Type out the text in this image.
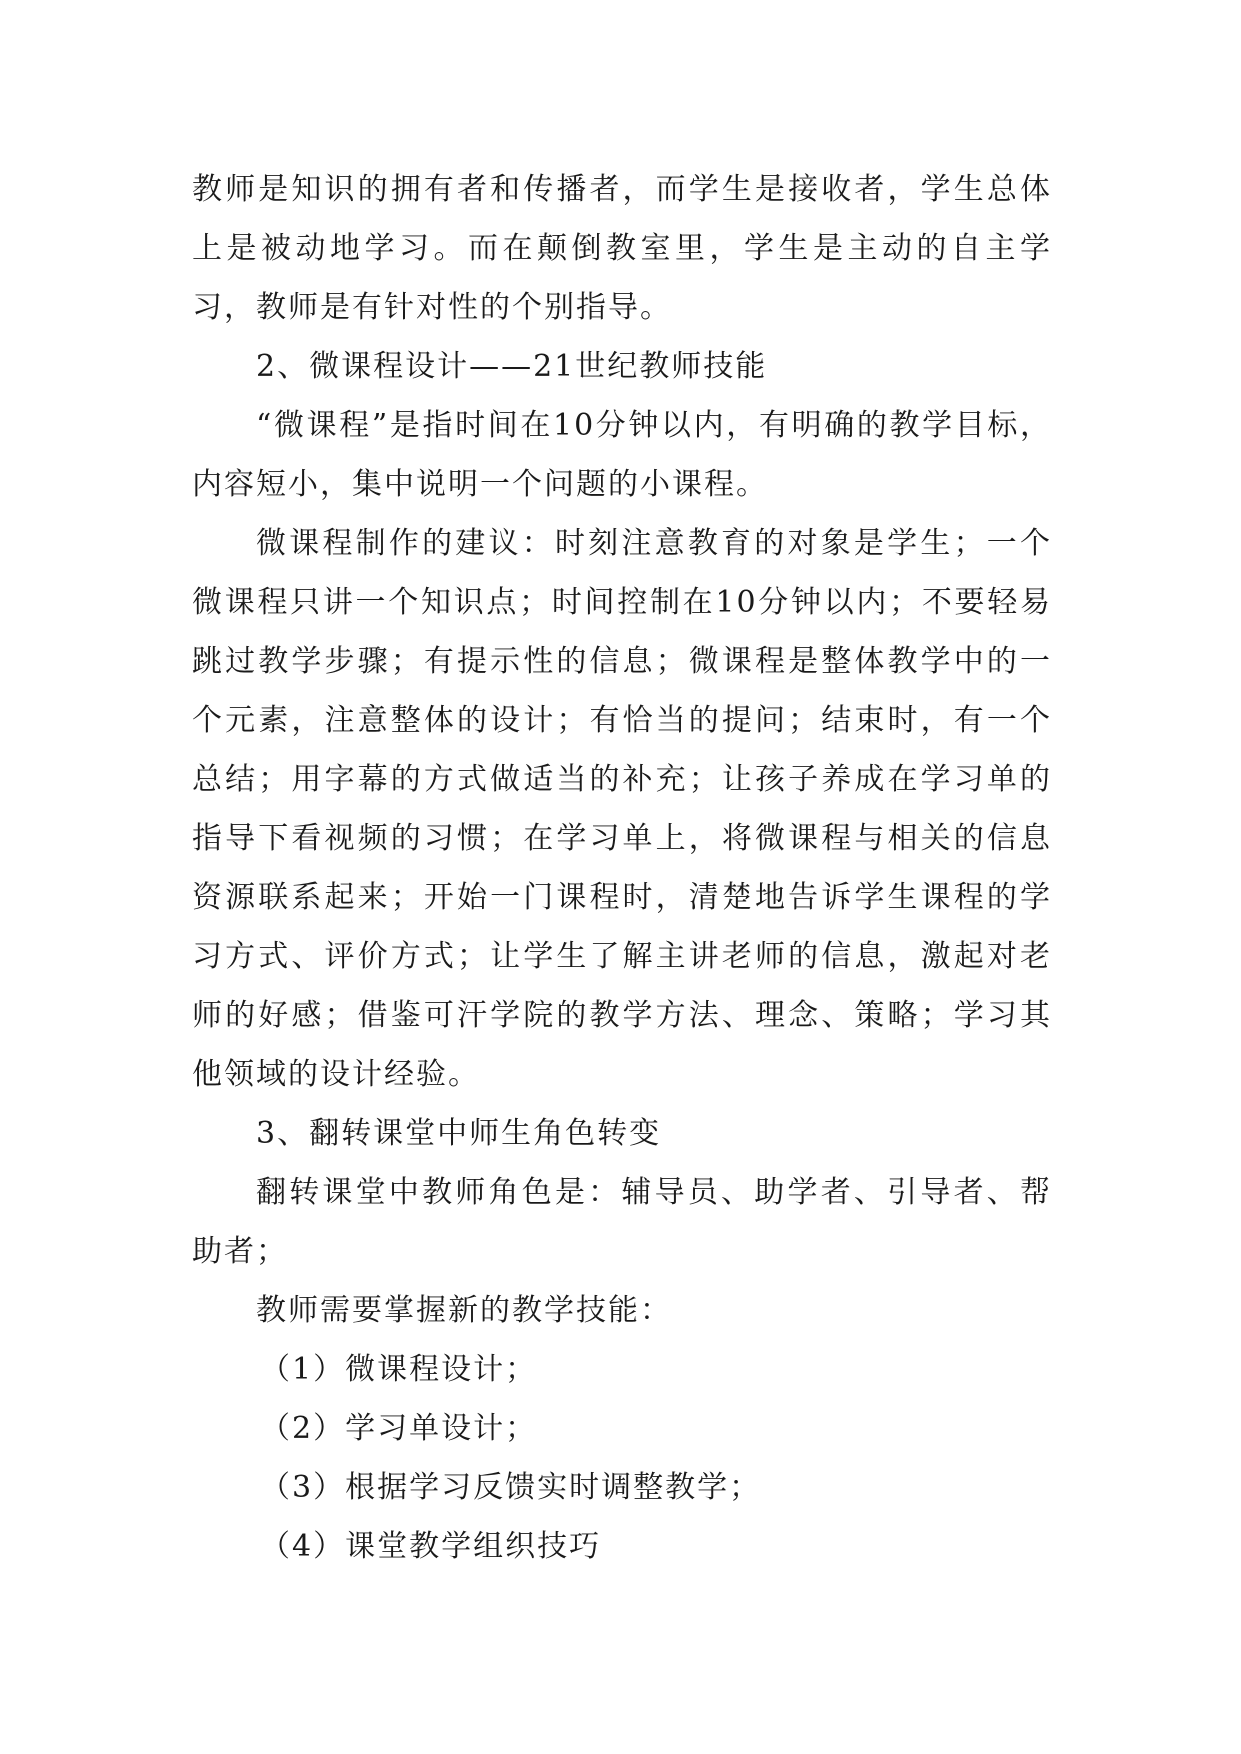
教师是知识的拥有者和传播者，而学生是接收者，学生总体上是被动地学习。而在颠倒教室里，学生是主动的自主学习，教师是有针对性的个别指导。

2、微课程设计——21世纪教师技能

“微课程”是指时间在10分钟以内，有明确的教学目标，内容短小，集中说明一个问题的小课程。

微课程制作的建议：时刻注意教育的对象是学生；一个微课程只讲一个知识点；时间控制在10分钟以内；不要轻易跳过教学步骤；有提示性的信息；微课程是整体教学中的一个元素，注意整体的设计；有恰当的提问；结束时，有一个总结；用字幕的方式做适当的补充；让孩子养成在学习单的指导下看视频的习惯；在学习单上，将微课程与相关的信息资源联系起来；开始一门课程时，清楚地告诉学生课程的学习方式、评价方式；让学生了解主讲老师的信息，激起对老师的好感；借鉴可汗学院的教学方法、理念、策略；学习其他领域的设计经验。

3、翻转课堂中师生角色转变

翻转课堂中教师角色是：辅导员、助学者、引导者、帮助者；

教师需要掌握新的教学技能：

（1）微课程设计；

（2）学习单设计；

（3）根据学习反馈实时调整教学；

（4）课堂教学组织技巧
